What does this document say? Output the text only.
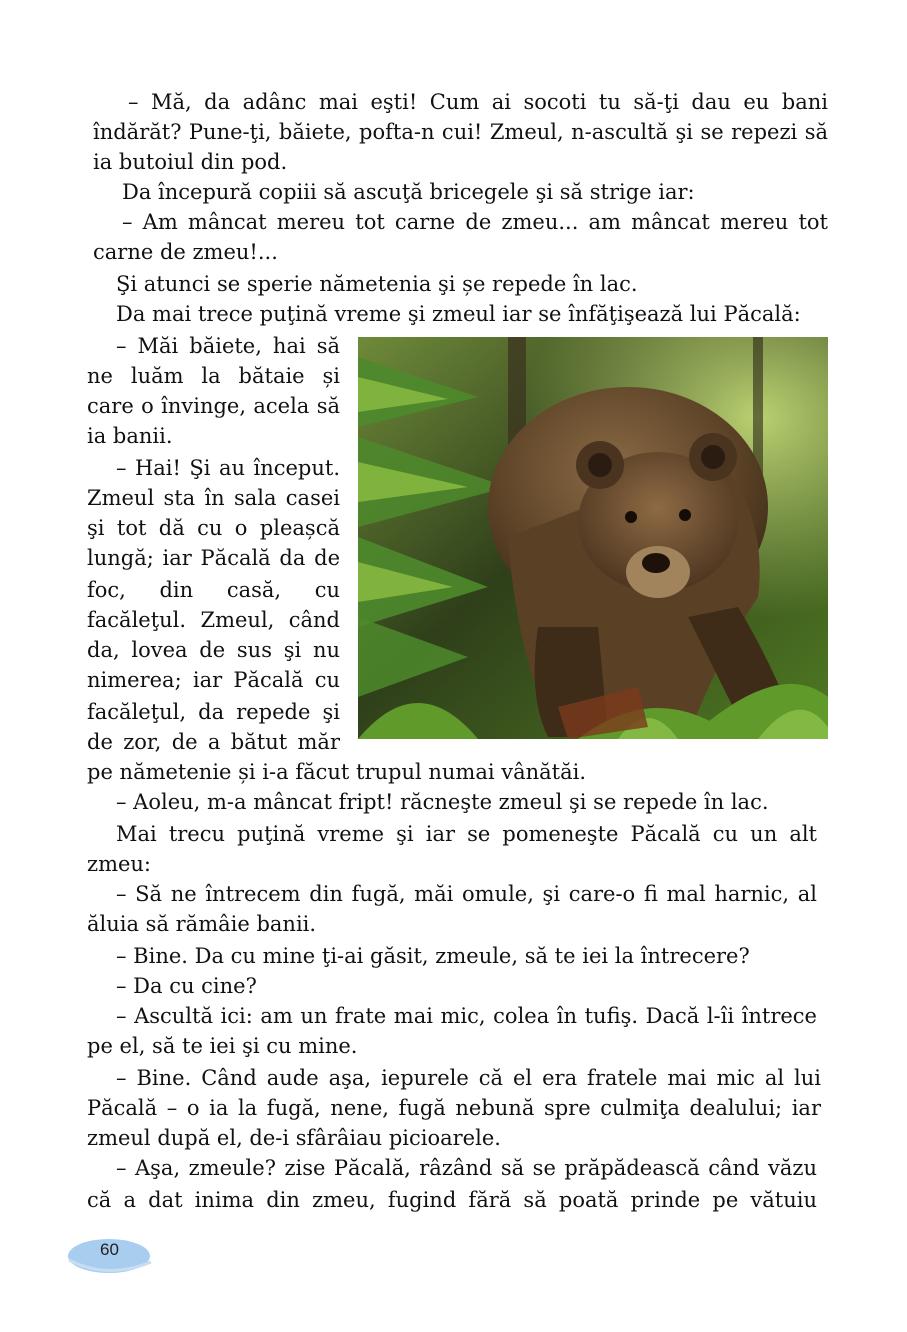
– Mă, da adânc mai eşti! Cum ai socoti tu să-ţi dau eu bani
îndărăt? Pune-ţi, băiete, pofta-n cui! Zmeul, n-ascultă şi se repezi să
ia butoiul din pod.
Da începură copiii să ascuţă bricegele şi să strige iar:
– Am mâncat mereu tot carne de zmeu... am mâncat mereu tot
carne de zmeu!...
Şi atunci se sperie nămetenia şi șe repede în lac.
Da mai trece puţină vreme şi zmeul iar se înfăţişează lui Păcală:
– Măi băiete, hai să
ne luăm la bătaie și
care o învinge, acela să
ia banii.
– Hai! Şi au început.
Zmeul sta în sala casei
şi tot dă cu o pleașcă
lungă; iar Păcală da de
foc, din casă, cu
facăleţul. Zmeul, când
da, lovea de sus şi nu
nimerea; iar Păcală cu
facăleţul, da repede şi
de zor, de a bătut măr
pe nămetenie și i-a făcut trupul numai vânătăi.
– Aoleu, m-a mâncat fript! răcneşte zmeul şi se repede în lac.
Mai trecu puţină vreme şi iar se pomeneşte Păcală cu un alt
zmeu:
– Să ne întrecem din fugă, măi omule, şi care-o fi mal harnic, al
ăluia să rămâie banii.
– Bine. Da cu mine ţi-ai găsit, zmeule, să te iei la întrecere?
– Da cu cine?
– Ascultă ici: am un frate mai mic, colea în tufiş. Dacă l-îi întrece
pe el, să te iei şi cu mine.
– Bine. Când aude aşa, iepurele că el era fratele mai mic al lui
Păcală – o ia la fugă, nene, fugă nebună spre culmiţa dealului; iar
zmeul după el, de-i sfârâiau picioarele.
– Aşa, zmeule? zise Păcală, râzând să se prăpădească când văzu
că a dat inima din zmeu, fugind fără să poată prinde pe vătuiu
60
